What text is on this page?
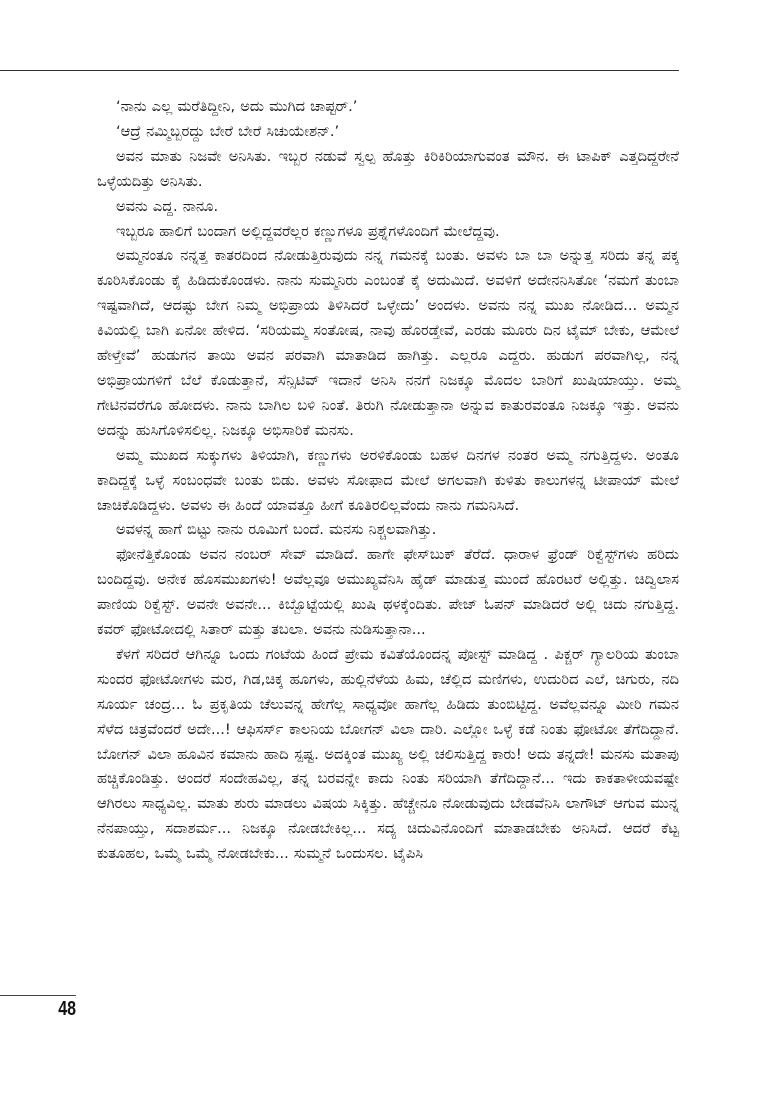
‘ನಾನು ಎಲ್ಲ ಮರೆತಿದ್ದೀನಿ, ಅದು ಮುಗಿದ ಚಾಪ್ಟರ್.’

‘ಆದ್ರೆ ನಮ್ಮಿಬ್ಬರದ್ದು ಬೇರೆ ಬೇರೆ ಸಿಚುಯೇಶನ್.’

ಅವನ ಮಾತು ನಿಜವೇ ಅನಿಸಿತು. ಇಬ್ಬರ ನಡುವೆ ಸ್ವಲ್ಪ ಹೊತ್ತು ಕಿರಿಕಿರಿಯಾಗುವಂತ ಮೌನ. ಈ ಟಾಪಿಕ್ ಎತ್ತದಿದ್ದರೇನೆ ಒಳ್ಳೆಯದಿತ್ತು ಅನಿಸಿತು.

ಅವನು ಎದ್ದ. ನಾನೂ.

ಇಬ್ಬರೂ ಹಾಲಿಗೆ ಬಂದಾಗ ಅಲ್ಲಿದ್ದವರೆಲ್ಲರ ಕಣ್ಣುಗಳೂ ಪ್ರಶ್ನೆಗಳೊಂದಿಗೆ ಮೇಲೆದ್ದವು.

ಅಮ್ಮನಂತೂ ನನ್ನತ್ತ ಕಾತರದಿಂದ ನೋಡುತ್ತಿರುವುದು ನನ್ನ ಗಮನಕ್ಕೆ ಬಂತು. ಅವಳು ಬಾ ಬಾ ಅನ್ನುತ್ತ ಸರಿದು ತನ್ನ ಪಕ್ಕ ಕೂರಿಸಿಕೊಂಡು ಕೈ ಹಿಡಿದುಕೊಂಡಳು. ನಾನು ಸುಮ್ಮನಿರು ಎಂಬಂತೆ ಕೈ ಅದುಮಿದೆ. ಅವಳಿಗೆ ಅದೇನನಿಸಿತೋ ‘ನಮಗೆ ತುಂಬಾ ಇಷ್ಟವಾಗಿದೆ, ಆದಷ್ಟು ಬೇಗ ನಿಮ್ಮ ಅಭಿಪ್ರಾಯ ತಿಳಿಸಿದರೆ ಒಳ್ಳೇದು’ ಅಂದಳು. ಅವನು ನನ್ನ ಮುಖ ನೋಡಿದ... ಅಮ್ಮನ ಕಿವಿಯಲ್ಲಿ ಬಾಗಿ ಏನೋ ಹೇಳಿದ. ‘ಸರಿಯಮ್ಮ ಸಂತೋಷ, ನಾವು ಹೊರಡ್ತೇವೆ, ಎರಡು ಮೂರು ದಿನ ಟೈಮ್ ಬೇಕು, ಆಮೇಲೆ ಹೇಳ್ತೇವೆ’ ಹುಡುಗನ ತಾಯಿ ಅವನ ಪರವಾಗಿ ಮಾತಾಡಿದ ಹಾಗಿತ್ತು. ಎಲ್ಲರೂ ಎದ್ದರು. ಹುಡುಗ ಪರವಾಗಿಲ್ಲ, ನನ್ನ ಅಭಿಪ್ರಾಯಗಳಿಗೆ ಬೆಲೆ ಕೊಡುತ್ತಾನೆ, ಸೆನ್ಸಿಟಿವ್ ಇದಾನೆ ಅನಿಸಿ ನನಗೆ ನಿಜಕ್ಕೂ ಮೊದಲ ಬಾರಿಗೆ ಖುಷಿಯಾಯ್ತು. ಅಮ್ಮ ಗೇಟಿನವರೆಗೂ ಹೋದಳು. ನಾನು ಬಾಗಿಲ ಬಳಿ ನಿಂತೆ. ತಿರುಗಿ ನೋಡುತ್ತಾನಾ ಅನ್ನುವ ಕಾತುರವಂತೂ ನಿಜಕ್ಕೂ ಇತ್ತು. ಅವನು ಅದನ್ನು ಹುಸಿಗೊಳಿಸಲಿಲ್ಲ. ನಿಜಕ್ಕೂ ಅಭಿಸಾರಿಕೆ ಮನಸು.

ಅಮ್ಮ ಮುಖದ ಸುಕ್ಕುಗಳು ತಿಳಿಯಾಗಿ, ಕಣ್ಣುಗಳು ಅರಳಿಕೊಂಡು ಬಹಳ ದಿನಗಳ ನಂತರ ಅಮ್ಮ ನಗುತ್ತಿದ್ದಳು. ಅಂತೂ ಕಾದಿದ್ದಕ್ಕೆ ಒಳ್ಳೆ ಸಂಬಂಧವೇ ಬಂತು ಬಿಡು. ಅವಳು ಸೋಫಾದ ಮೇಲೆ ಅಗಲವಾಗಿ ಕುಳಿತು ಕಾಲುಗಳನ್ನ ಟೀಪಾಯ್ ಮೇಲೆ ಚಾಚಿಕೊಡಿದ್ದಳು. ಅವಳು ಈ ಹಿಂದೆ ಯಾವತ್ತೂ ಹೀಗೆ ಕೂತಿರಲಿಲ್ಲವೆಂದು ನಾನು ಗಮನಿಸಿದೆ.

ಅವಳನ್ನ ಹಾಗೆ ಬಿಟ್ಟು ನಾನು ರೂಮಿಗೆ ಬಂದೆ. ಮನಸು ನಿಶ್ಚಲವಾಗಿತ್ತು.

ಫೋನೆತ್ತಿಕೊಂಡು ಅವನ ನಂಬರ್ ಸೇವ್ ಮಾಡಿದೆ. ಹಾಗೇ ಫೇಸ್‌ಬುಕ್ ತೆರೆದೆ. ಧಾರಾಳ ಫ್ರೆಂಡ್ ರಿಕ್ವೆಸ್ಟ್‌ಗಳು ಹರಿದು ಬಂದಿದ್ದವು. ಅನೇಕ ಹೊಸಮುಖಗಳು! ಅವೆಲ್ಲವೂ ಅಮುಖ್ಯವೆನಿಸಿ ಹೈಡ್ ಮಾಡುತ್ತ ಮುಂದೆ ಹೊರಟರೆ ಅಲ್ಲಿತ್ತು. ಚಿದ್ವಿಲಾಸ ಪಾಣಿಯ ರಿಕ್ವೆಸ್ಟ್. ಅವನೇ ಅವನೇ... ಕಿಬ್ಬೊಟ್ಟೆಯಲ್ಲಿ ಖುಷಿ ಥಳಕ್ಕೆಂದಿತು. ಪೇಜ್ ಓಪನ್ ಮಾಡಿದರೆ ಅಲ್ಲಿ ಚಿದು ನಗುತ್ತಿದ್ದ. ಕವರ್ ಫೋಟೋದಲ್ಲಿ ಸಿತಾರ್ ಮತ್ತು ತಬಲಾ. ಅವನು ನುಡಿಸುತ್ತಾನಾ...

ಕೆಳಗೆ ಸರಿದರೆ ಆಗಿನ್ನೂ ಒಂದು ಗಂಟೆಯ ಹಿಂದೆ ಪ್ರೇಮ ಕವಿತೆಯೊಂದನ್ನ ಪೋಸ್ಟ್ ಮಾಡಿದ್ದ . ಪಿಕ್ಚರ್ ಗ್ಯಾಲರಿಯ ತುಂಬಾ ಸುಂದರ ಫೋಟೋಗಳು ಮರ, ಗಿಡ,ಚಿಕ್ಕ ಹೂಗಳು, ಹುಲ್ಲಿನೆಳೆಯ ಹಿಮ, ಚೆಲ್ಲಿದ ಮಣಿಗಳು, ಉದುರಿದ ಎಲೆ, ಚಿಗುರು, ನದಿ ಸೂರ್ಯ ಚಂದ್ರ... ಓ ಪ್ರಕೃತಿಯ ಚೆಲುವನ್ನ ಹೇಗೆಲ್ಲ ಸಾಧ್ಯವೋ ಹಾಗೆಲ್ಲ ಹಿಡಿದು ತುಂಬಿಟ್ಟಿದ್ದ. ಅವೆಲ್ಲವನ್ನೂ ಮೀರಿ ಗಮನ ಸೆಳೆದ ಚಿತ್ರವೆಂದರೆ ಅದೇ...! ಆಫಿಸರ್ಸ್ ಕಾಲನಿಯ ಬೋಗನ್ ವಿಲಾ ದಾರಿ. ಎಲ್ಲೋ ಒಳ್ಳೆ ಕಡೆ ನಿಂತು ಫೋಟೋ ತೆಗೆದಿದ್ದಾನೆ. ಬೋಗನ್ ವಿಲಾ ಹೂವಿನ ಕಮಾನು ಹಾದಿ ಸ್ಪಷ್ಟ. ಅದಕ್ಕಿಂತ ಮುಖ್ಯ ಅಲ್ಲಿ ಚಲಿಸುತ್ತಿದ್ದ ಕಾರು! ಅದು ತನ್ನದೇ! ಮನಸು ಮತಾಪು ಹಚ್ಚಿಕೊಂಡಿತ್ತು. ಅಂದರೆ ಸಂದೇಹವಿಲ್ಲ, ತನ್ನ ಬರವನ್ನೇ ಕಾದು ನಿಂತು ಸರಿಯಾಗಿ ತೆಗೆದಿದ್ದಾನೆ... ಇದು ಕಾಕತಾಳೀಯವಷ್ಟೇ ಆಗಿರಲು ಸಾಧ್ಯವಿಲ್ಲ. ಮಾತು ಶುರು ಮಾಡಲು ವಿಷಯ ಸಿಕ್ಕಿತ್ತು. ಹೆಚ್ಚೇನೂ ನೋಡುವುದು ಬೇಡವೆನಿಸಿ ಲಾಗೌಟ್ ಆಗುವ ಮುನ್ನ ನೆನಪಾಯ್ತು, ಸದಾಶರ್ಮ... ನಿಜಕ್ಕೂ ನೋಡಬೇಕಿಲ್ಲ... ಸದ್ಯ ಚಿದುವಿನೊಂದಿಗೆ ಮಾತಾಡಬೇಕು ಅನಿಸಿದೆ. ಆದರೆ ಕೆಟ್ಟ ಕುತೂಹಲ, ಒಮ್ಮೆ ಒಮ್ಮೆ ನೋಡಬೇಕು... ಸುಮ್ಮನೆ ಒಂದುಸಲ. ಟೈಪಿಸಿ

48
